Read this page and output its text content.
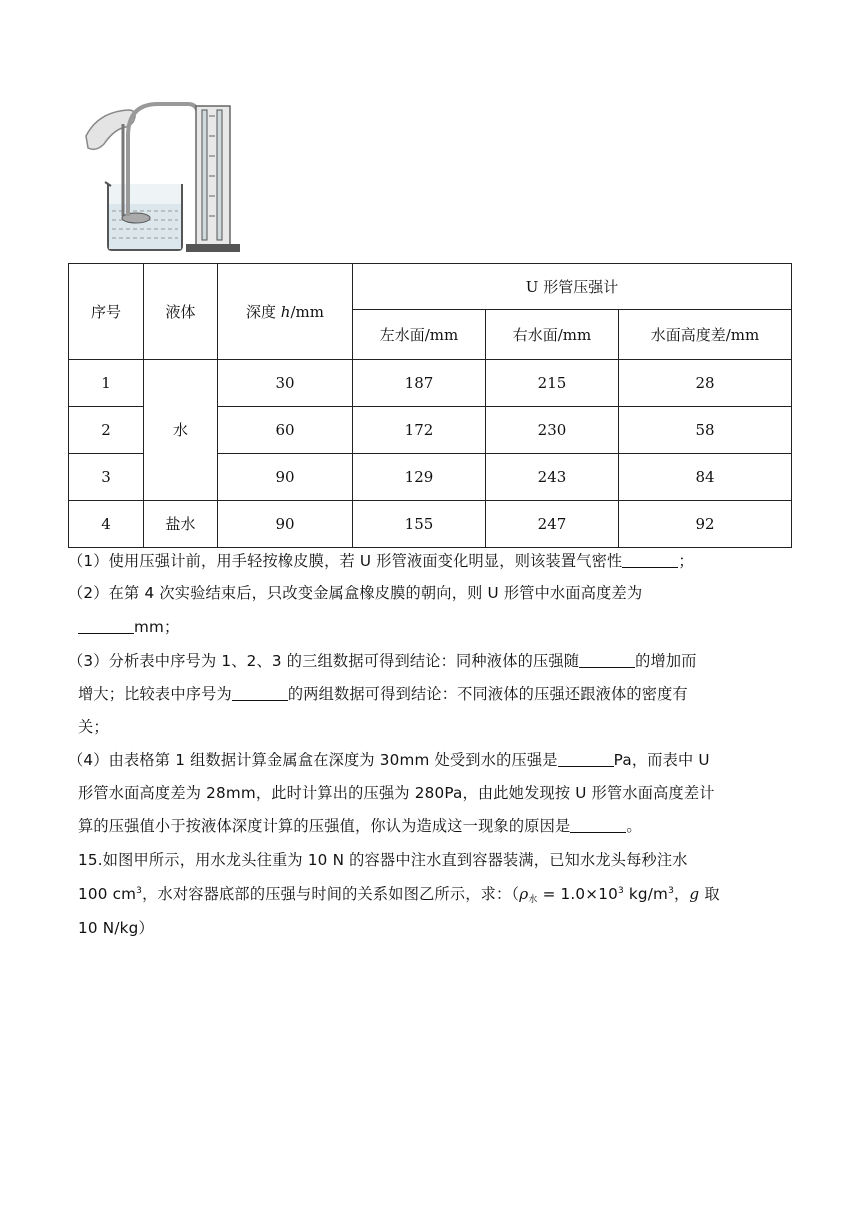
序号	液体	深度 h/mm	U 形管压强计		
			左水面/mm	右水面/mm	水面高度差/mm
1	水	30	187	215	28
2		60	172	230	58
3		90	129	243	84
4	盐水	90	155	247	92
（1）使用压强计前，用手轻按橡皮膜，若 U 形管液面变化明显，则该装置气密性	；
（2）在第 4 次实验结束后，只改变金属盒橡皮膜的朝向，则 U 形管中水面高度差为
mm；
（3）分析表中序号为 1、2、3 的三组数据可得到结论：同种液体的压强随	的增加而
增大；比较表中序号为	的两组数据可得到结论：不同液体的压强还跟液体的密度有
关；
（4）由表格第 1 组数据计算金属盒在深度为 30mm 处受到水的压强是	Pa，而表中 U
形管水面高度差为 28mm，此时计算出的压强为 280Pa，由此她发现按 U 形管水面高度差计
算的压强值小于按液体深度计算的压强值，你认为造成这一现象的原因是	。
15.如图甲所示，用水龙头往重为 10 N 的容器中注水直到容器装满，已知水龙头每秒注水
100 $cm^3$，水对容器底部的压强与时间的关系如图乙所示，求：（$\rho_水 = 1.0\times 10^3$ $kg/m^3$，g 取
10 N/kg）
